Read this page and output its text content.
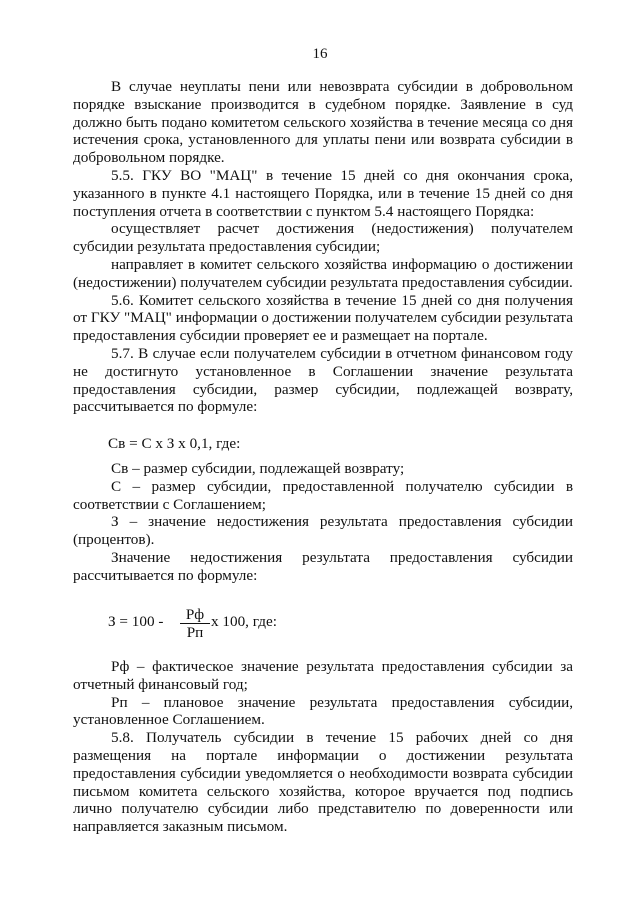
16

В случае неуплаты пени или невозврата субсидии в добровольном порядке взыскание производится в судебном порядке. Заявление в суд должно быть подано комитетом сельского хозяйства в течение месяца со дня истечения срока, установленного для уплаты пени или возврата субсидии в добровольном порядке.

5.5. ГКУ ВО "МАЦ" в течение 15 дней со дня окончания срока, указанного в пункте 4.1 настоящего Порядка, или в течение 15 дней со дня поступления отчета в соответствии с пунктом 5.4 настоящего Порядка:

осуществляет расчет достижения (недостижения) получателем субсидии результата предоставления субсидии;

направляет в комитет сельского хозяйства информацию о достижении (недостижении) получателем субсидии результата предоставления субсидии.

5.6. Комитет сельского хозяйства в течение 15 дней со дня получения от ГКУ "МАЦ" информации о достижении получателем субсидии результата предоставления субсидии проверяет ее и размещает на портале.

5.7. В случае если получателем субсидии в отчетном финансовом году не достигнуто установленное в Соглашении значение результата предоставления субсидии, размер субсидии, подлежащей возврату, рассчитывается по формуле:

Св = С х З х 0,1, где:

Св – размер субсидии, подлежащей возврату;

С – размер субсидии, предоставленной получателю субсидии в соответствии с Соглашением;

З – значение недостижения результата предоставления субсидии (процентов).

Значение недостижения результата предоставления субсидии рассчитывается по формуле:

З = 100 - Рф
Рп
х 100, где:

Рф – фактическое значение результата предоставления субсидии за отчетный финансовый год;

Рп – плановое значение результата предоставления субсидии, установленное Соглашением.

5.8. Получатель субсидии в течение 15 рабочих дней со дня размещения на портале информации о достижении результата предоставления субсидии уведомляется о необходимости возврата субсидии письмом комитета сельского хозяйства, которое вручается под подпись лично получателю субсидии либо представителю по доверенности или направляется заказным письмом.
